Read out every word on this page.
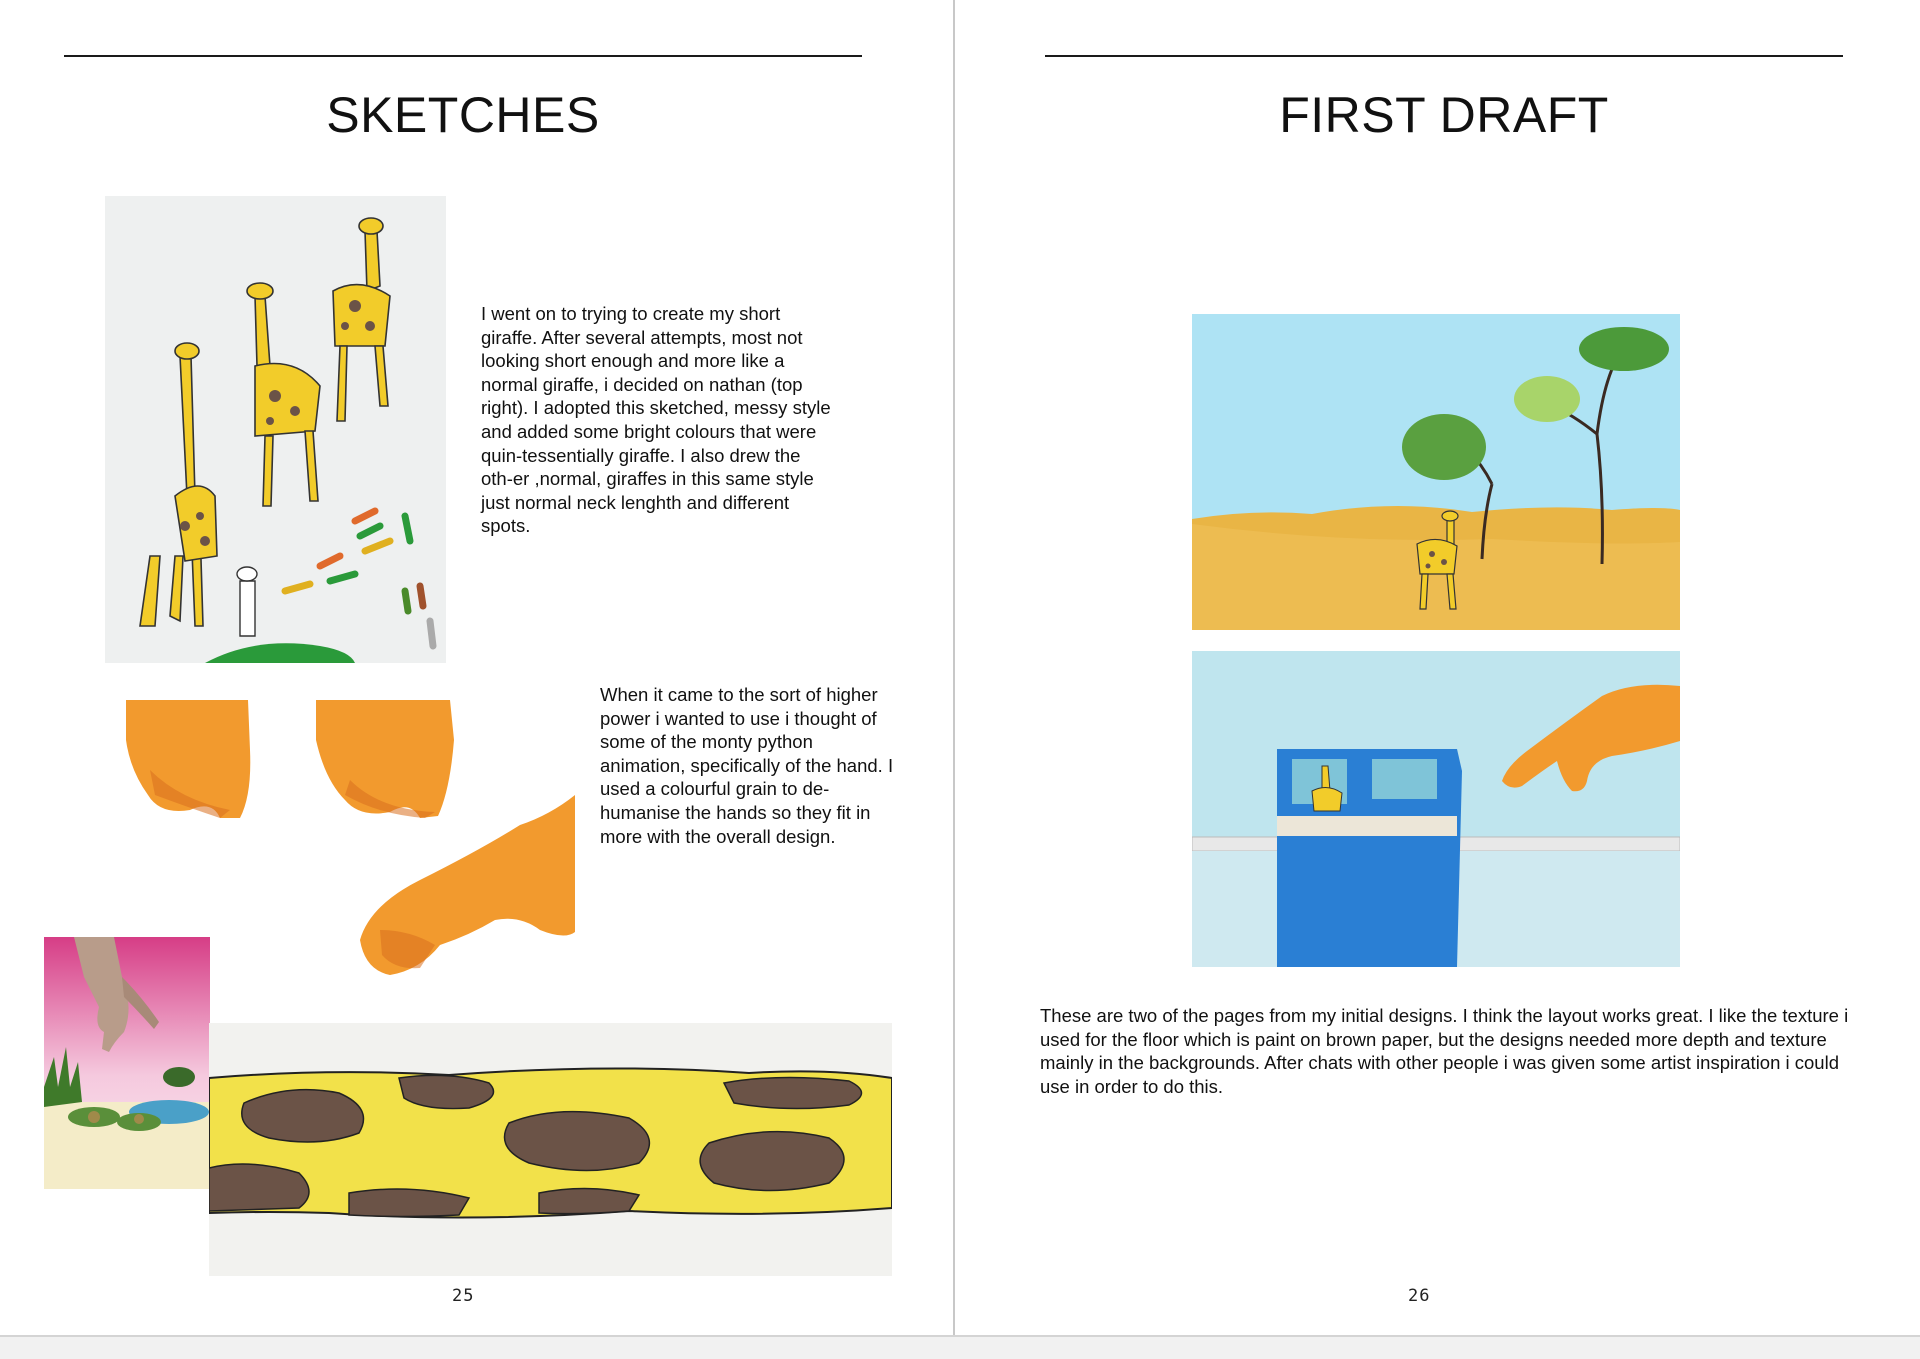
SKETCHES

I went on to trying to create my short giraffe. After several attempts, most not looking short enough and more like a normal giraffe, i decided on nathan (top right). I adopted this sketched, messy style and added some bright colours that were quin-tessentially giraffe. I also drew the oth-er ,normal, giraffes in this same style just normal neck lenghth and different spots.

When it came to the sort of higher power i wanted to use i thought of some of the monty python animation, specifically of the hand. I used a colourful grain to de-humanise the hands so they fit in more with the overall design.

25
FIRST DRAFT

These are two of the pages from my initial designs. I think the layout works great. I like the texture i used for the floor which is paint on brown paper, but the designs needed more depth and texture mainly in the backgrounds. After chats with other people i was given some artist inspiration i could use in order to do this.

26
